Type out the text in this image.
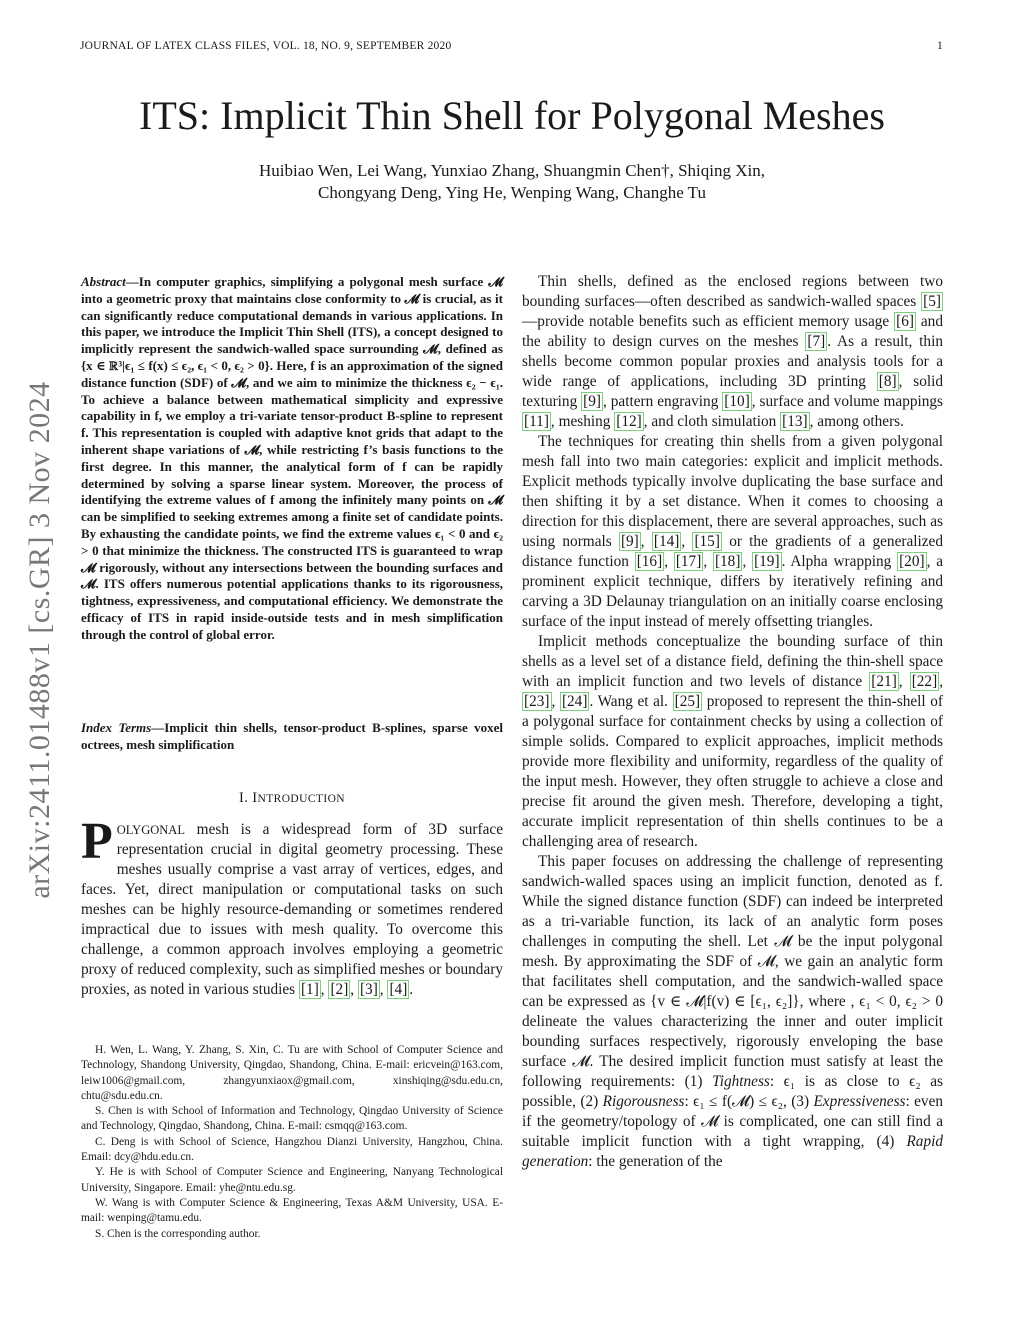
JOURNAL OF LATEX CLASS FILES, VOL. 18, NO. 9, SEPTEMBER 2020	1
ITS: Implicit Thin Shell for Polygonal Meshes
Huibiao Wen, Lei Wang, Yunxiao Zhang, Shuangmin Chen†, Shiqing Xin,
Chongyang Deng, Ying He, Wenping Wang, Changhe Tu
arXiv:2411.01488v1 [cs.GR] 3 Nov 2024

Abstract—In computer graphics, simplifying a polygonal mesh surface 𝓜 into a geometric proxy that maintains close conformity to 𝓜 is crucial, as it can significantly reduce computational demands in various applications. In this paper, we introduce the Implicit Thin Shell (ITS), a concept designed to implicitly represent the sandwich-walled space surrounding 𝓜, defined as {x ∈ ℝ³|ϵ₁ ≤ f(x) ≤ ϵ₂, ϵ₁ < 0, ϵ₂ > 0}. Here, f is an approximation of the signed distance function (SDF) of 𝓜, and we aim to minimize the thickness ϵ₂ − ϵ₁. To achieve a balance between mathematical simplicity and expressive capability in f, we employ a tri-variate tensor-product B-spline to represent f. This representation is coupled with adaptive knot grids that adapt to the inherent shape variations of 𝓜, while restricting f’s basis functions to the first degree. In this manner, the analytical form of f can be rapidly determined by solving a sparse linear system. Moreover, the process of identifying the extreme values of f among the infinitely many points on 𝓜 can be simplified to seeking extremes among a finite set of candidate points. By exhausting the candidate points, we find the extreme values ϵ₁ < 0 and ϵ₂ > 0 that minimize the thickness. The constructed ITS is guaranteed to wrap 𝓜 rigorously, without any intersections between the bounding surfaces and 𝓜. ITS offers numerous potential applications thanks to its rigorousness, tightness, expressiveness, and computational efficiency. We demonstrate the efficacy of ITS in rapid inside-outside tests and in mesh simplification through the control of global error.

Index Terms—Implicit thin shells, tensor-product B-splines, sparse voxel octrees, mesh simplification

I. INTRODUCTION

POLYGONAL mesh is a widespread form of 3D surface representation crucial in digital geometry processing. These meshes usually comprise a vast array of vertices, edges, and faces. Yet, direct manipulation or computational tasks on such meshes can be highly resource-demanding or sometimes rendered impractical due to issues with mesh quality. To overcome this challenge, a common approach involves employing a geometric proxy of reduced complexity, such as simplified meshes or boundary proxies, as noted in various studies [1] , [2] , [3] , [4] .

H. Wen, L. Wang, Y. Zhang, S. Xin, C. Tu are with School of Computer Science and Technology, Shandong University, Qingdao, Shandong, China. E-mail: ericvein@163.com, leiw1006@gmail.com, zhangyunxiaox@gmail.com, xinshiqing@sdu.edu.cn, chtu@sdu.edu.cn.

S. Chen is with School of Information and Technology, Qingdao University of Science and Technology, Qingdao, Shandong, China. E-mail: csmqq@163.com.

C. Deng is with School of Science, Hangzhou Dianzi University, Hangzhou, China. Email: dcy@hdu.edu.cn.

Y. He is with School of Computer Science and Engineering, Nanyang Technological University, Singapore. Email: yhe@ntu.edu.sg.

W. Wang is with Computer Science & Engineering, Texas A&M University, USA. E-mail: wenping@tamu.edu.

S. Chen is the corresponding author.

Thin shells, defined as the enclosed regions between two bounding surfaces—often described as sandwich-walled spaces [5]—provide notable benefits such as efficient memory usage [6] and the ability to design curves on the meshes [7] . As a result, thin shells become common popular proxies and analysis tools for a wide range of applications, including 3D printing [8] , solid texturing [9] , pattern engraving [10] , surface and volume mappings [11] , meshing [12] , and cloth simulation [13] , among others.

The techniques for creating thin shells from a given polygonal mesh fall into two main categories: explicit and implicit methods. Explicit methods typically involve duplicating the base surface and then shifting it by a set distance. When it comes to choosing a direction for this displacement, there are several approaches, such as using normals [9] , [14] , [15] or the gradients of a generalized distance function [16] , [17] , [18] , [19] . Alpha wrapping [20] , a prominent explicit technique, differs by iteratively refining and carving a 3D Delaunay triangulation on an initially coarse enclosing surface of the input instead of merely offsetting triangles.

Implicit methods conceptualize the bounding surface of thin shells as a level set of a distance field, defining the thin-shell space with an implicit function and two levels of distance [21] , [22] , [23] , [24] . Wang et al. [25] proposed to represent the thin-shell of a polygonal surface for containment checks by using a collection of simple solids. Compared to explicit approaches, implicit methods provide more flexibility and uniformity, regardless of the quality of the input mesh. However, they often struggle to achieve a close and precise fit around the given mesh. Therefore, developing a tight, accurate implicit representation of thin shells continues to be a challenging area of research.

This paper focuses on addressing the challenge of representing sandwich-walled spaces using an implicit function, denoted as f. While the signed distance function (SDF) can indeed be interpreted as a tri-variable function, its lack of an analytic form poses challenges in computing the shell. Let 𝓜 be the input polygonal mesh. By approximating the SDF of 𝓜, we gain an analytic form that facilitates shell computation, and the sandwich-walled space can be expressed as {v ∈ 𝓜|f(v) ∈ [ϵ₁, ϵ₂]}, where , ϵ₁ < 0, ϵ₂ > 0 delineate the values characterizing the inner and outer implicit bounding surfaces respectively, rigorously enveloping the base surface 𝓜. The desired implicit function must satisfy at least the following requirements: (1) Tightness: ϵ₁ is as close to ϵ₂ as possible, (2) Rigorousness: ϵ₁ ≤ f(𝓜) ≤ ϵ₂, (3) Expressiveness: even if the geometry/topology of 𝓜 is complicated, one can still find a suitable implicit function with a tight wrapping, (4) Rapid generation: the generation of the
